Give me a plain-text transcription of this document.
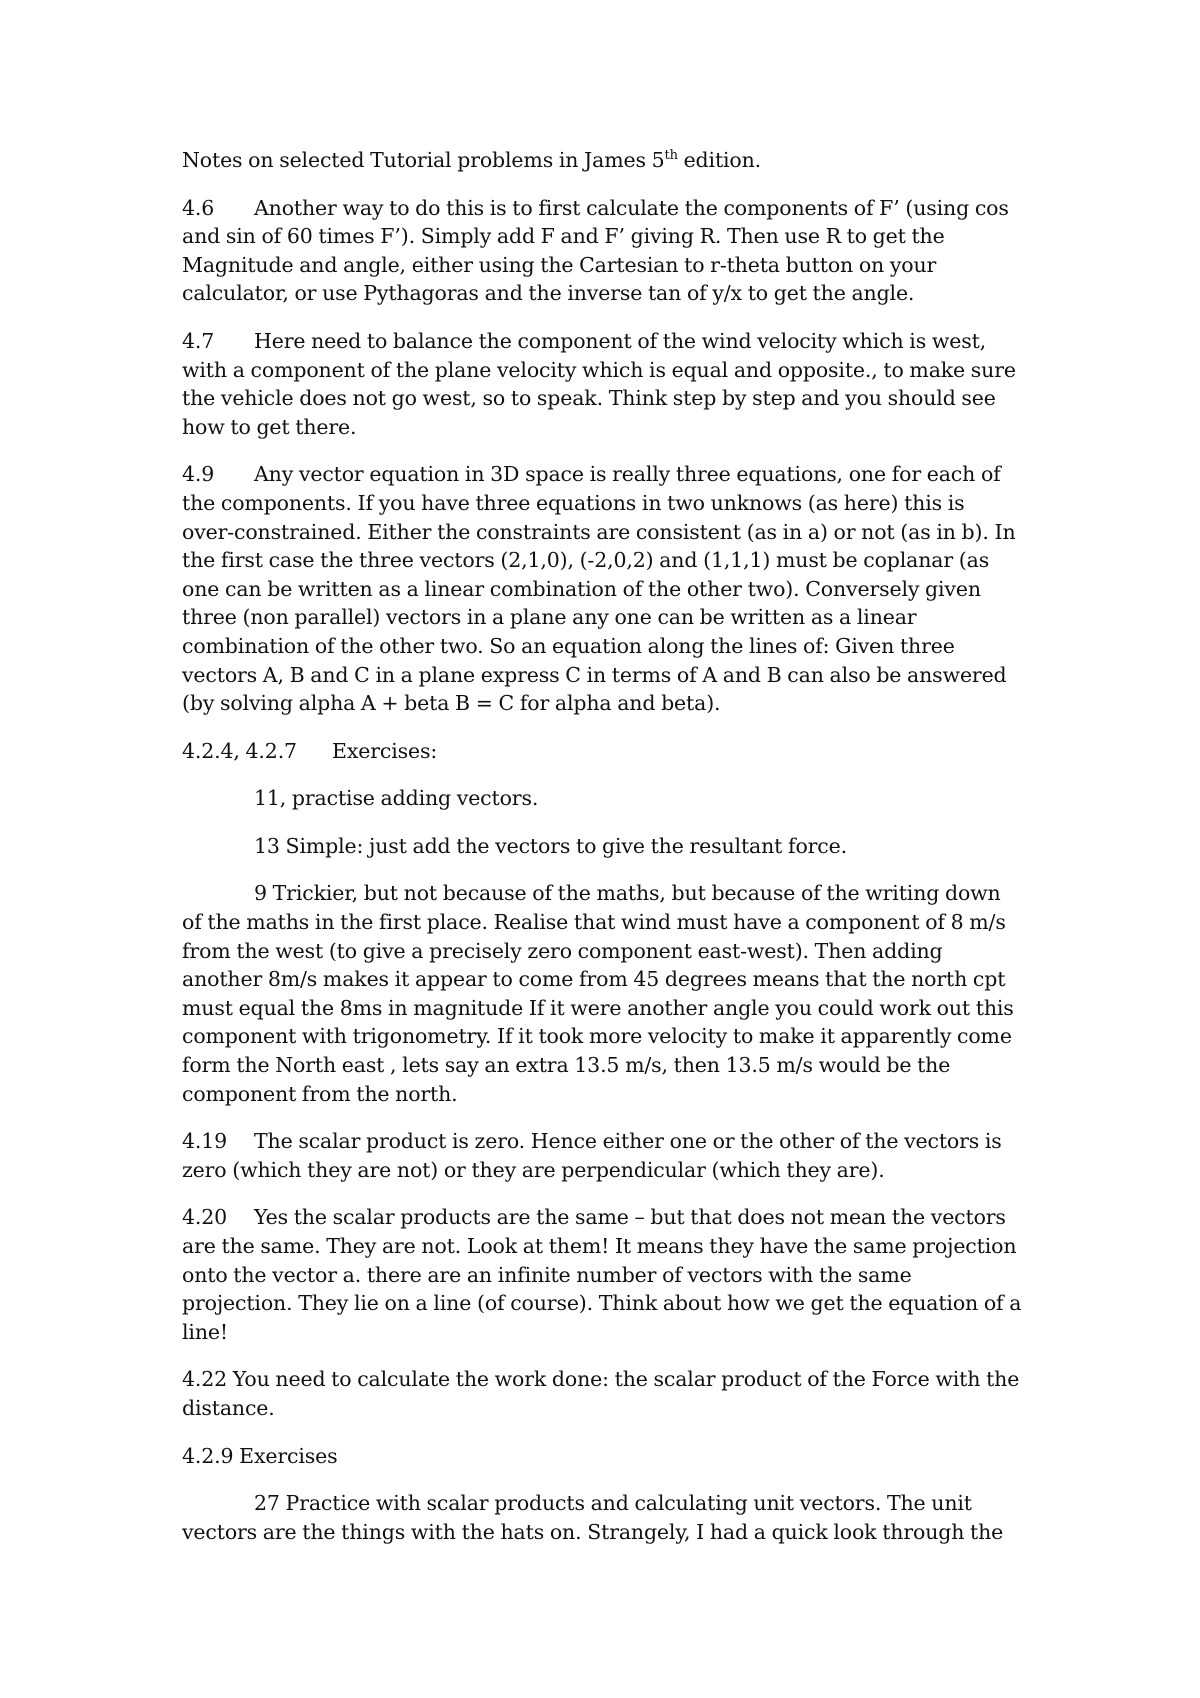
Notes on selected Tutorial problems in James 5th edition.

4.6 Another way to do this is to first calculate the components of F’ (using cos and sin of 60 times F’). Simply add F and F’ giving R. Then use R to get the Magnitude and angle, either using the Cartesian to r-theta button on your calculator, or use Pythagoras and the inverse tan of y/x to get the angle.

4.7 Here need to balance the component of the wind velocity which is west, with a component of the plane velocity which is equal and opposite., to make sure the vehicle does not go west, so to speak. Think step by step and you should see how to get there.

4.9 Any vector equation in 3D space is really three equations, one for each of the components. If you have three equations in two unknows (as here) this is over-constrained. Either the constraints are consistent (as in a) or not (as in b). In the first case the three vectors (2,1,0), (-2,0,2) and (1,1,1) must be coplanar (as one can be written as a linear combination of the other two). Conversely given three (non parallel) vectors in a plane any one can be written as a linear combination of the other two. So an equation along the lines of: Given three vectors A, B and C in a plane express C in terms of A and B can also be answered (by solving alpha A + beta B = C for alpha and beta).

4.2.4, 4.2.7 Exercises:

11, practise adding vectors.

13 Simple: just add the vectors to give the resultant force.

9 Trickier, but not because of the maths, but because of the writing down of the maths in the first place. Realise that wind must have a component of 8 m/s from the west (to give a precisely zero component east-west). Then adding another 8m/s makes it appear to come from 45 degrees means that the north cpt must equal the 8ms in magnitude If it were another angle you could work out this component with trigonometry. If it took more velocity to make it apparently come form the North east , lets say an extra 13.5 m/s, then 13.5 m/s would be the component from the north.

4.19 The scalar product is zero. Hence either one or the other of the vectors is zero (which they are not) or they are perpendicular (which they are).

4.20 Yes the scalar products are the same – but that does not mean the vectors are the same. They are not. Look at them! It means they have the same projection onto the vector a. there are an infinite number of vectors with the same projection. They lie on a line (of course). Think about how we get the equation of a line!

4.22 You need to calculate the work done: the scalar product of the Force with the distance.

4.2.9 Exercises

27 Practice with scalar products and calculating unit vectors. The unit vectors are the things with the hats on. Strangely, I had a quick look through the
